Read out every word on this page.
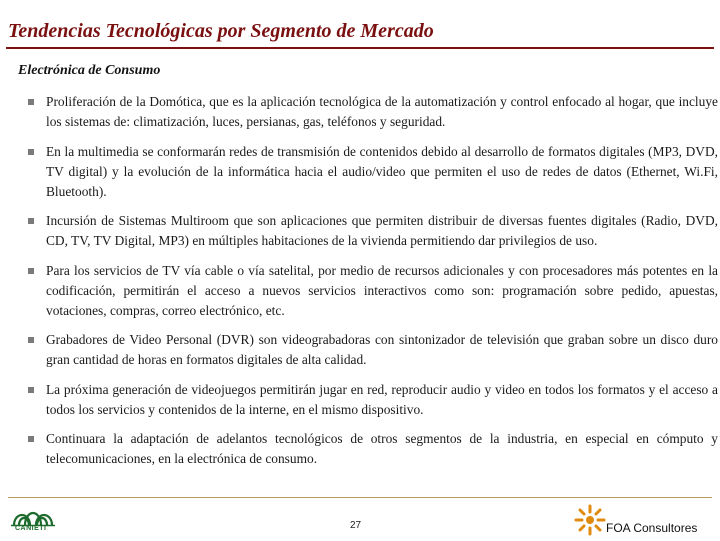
Tendencias Tecnológicas por Segmento de Mercado
Electrónica de Consumo
Proliferación de la Domótica, que es la aplicación tecnológica de la automatización y control enfocado al hogar, que incluye los sistemas de: climatización, luces, persianas, gas, teléfonos y seguridad.
En la multimedia se conformarán redes de transmisión de contenidos debido al desarrollo de formatos digitales (MP3, DVD, TV digital) y la evolución de la informática hacia el audio/video que permiten el uso de redes de datos (Ethernet, Wi.Fi, Bluetooth).
Incursión de Sistemas Multiroom que son aplicaciones que permiten distribuir de diversas fuentes digitales (Radio, DVD, CD, TV, TV Digital, MP3) en múltiples habitaciones de la vivienda permitiendo dar privilegios de uso.
Para los servicios de TV vía cable o vía satelital, por medio de recursos adicionales y con procesadores más potentes en la codificación, permitirán el acceso a nuevos servicios interactivos como son: programación sobre pedido, apuestas, votaciones, compras, correo electrónico, etc.
Grabadores de Video Personal (DVR) son videograbadoras con sintonizador de televisión que graban sobre un disco duro gran cantidad de horas en formatos digitales de alta calidad.
La próxima generación de videojuegos permitirán jugar en red, reproducir audio y video en todos los formatos y el acceso a todos los servicios y contenidos de la interne, en el mismo dispositivo.
Continuara la adaptación de adelantos tecnológicos de otros segmentos de la industria, en especial en cómputo y telecomunicaciones, en la electrónica de consumo.
CANIETI	27	FOA Consultores
